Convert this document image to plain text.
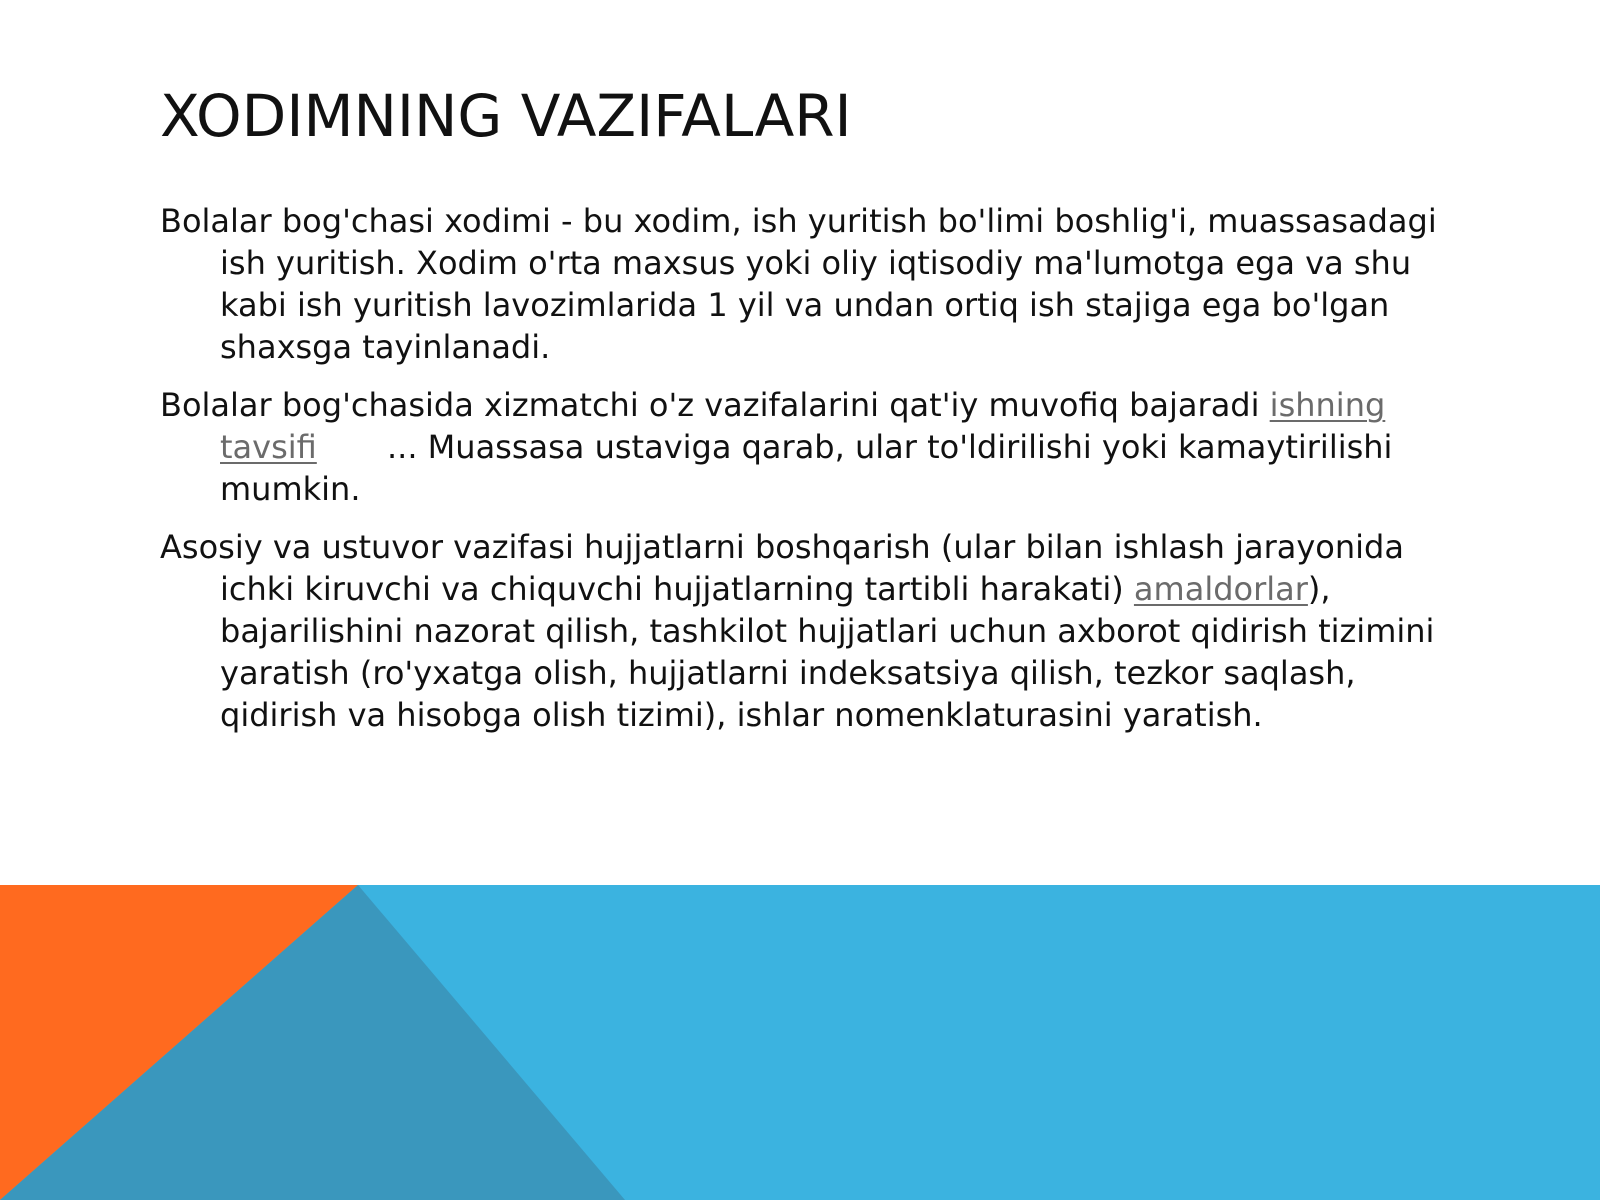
XODIMNING VAZIFALARI

Bolalar bog'chasi xodimi - bu xodim, ish yuritish bo'limi boshlig'i, muassasadagi ish yuritish. Xodim o'rta maxsus yoki oliy iqtisodiy ma'lumotga ega va shu kabi ish yuritish lavozimlarida 1 yil va undan ortiq ish stajiga ega bo'lgan shaxsga tayinlanadi.

Bolalar bog'chasida xizmatchi o'z vazifalarini qat'iy muvofiq bajaradi ishning tavsifi ... Muassasa ustaviga qarab, ular to'ldirilishi yoki kamaytirilishi mumkin.

Asosiy va ustuvor vazifasi hujjatlarni boshqarish (ular bilan ishlash jarayonida ichki kiruvchi va chiquvchi hujjatlarning tartibli harakati) amaldorlar), bajarilishini nazorat qilish, tashkilot hujjatlari uchun axborot qidirish tizimini yaratish (ro'yxatga olish, hujjatlarni indeksatsiya qilish, tezkor saqlash, qidirish va hisobga olish tizimi), ishlar nomenklaturasini yaratish.
